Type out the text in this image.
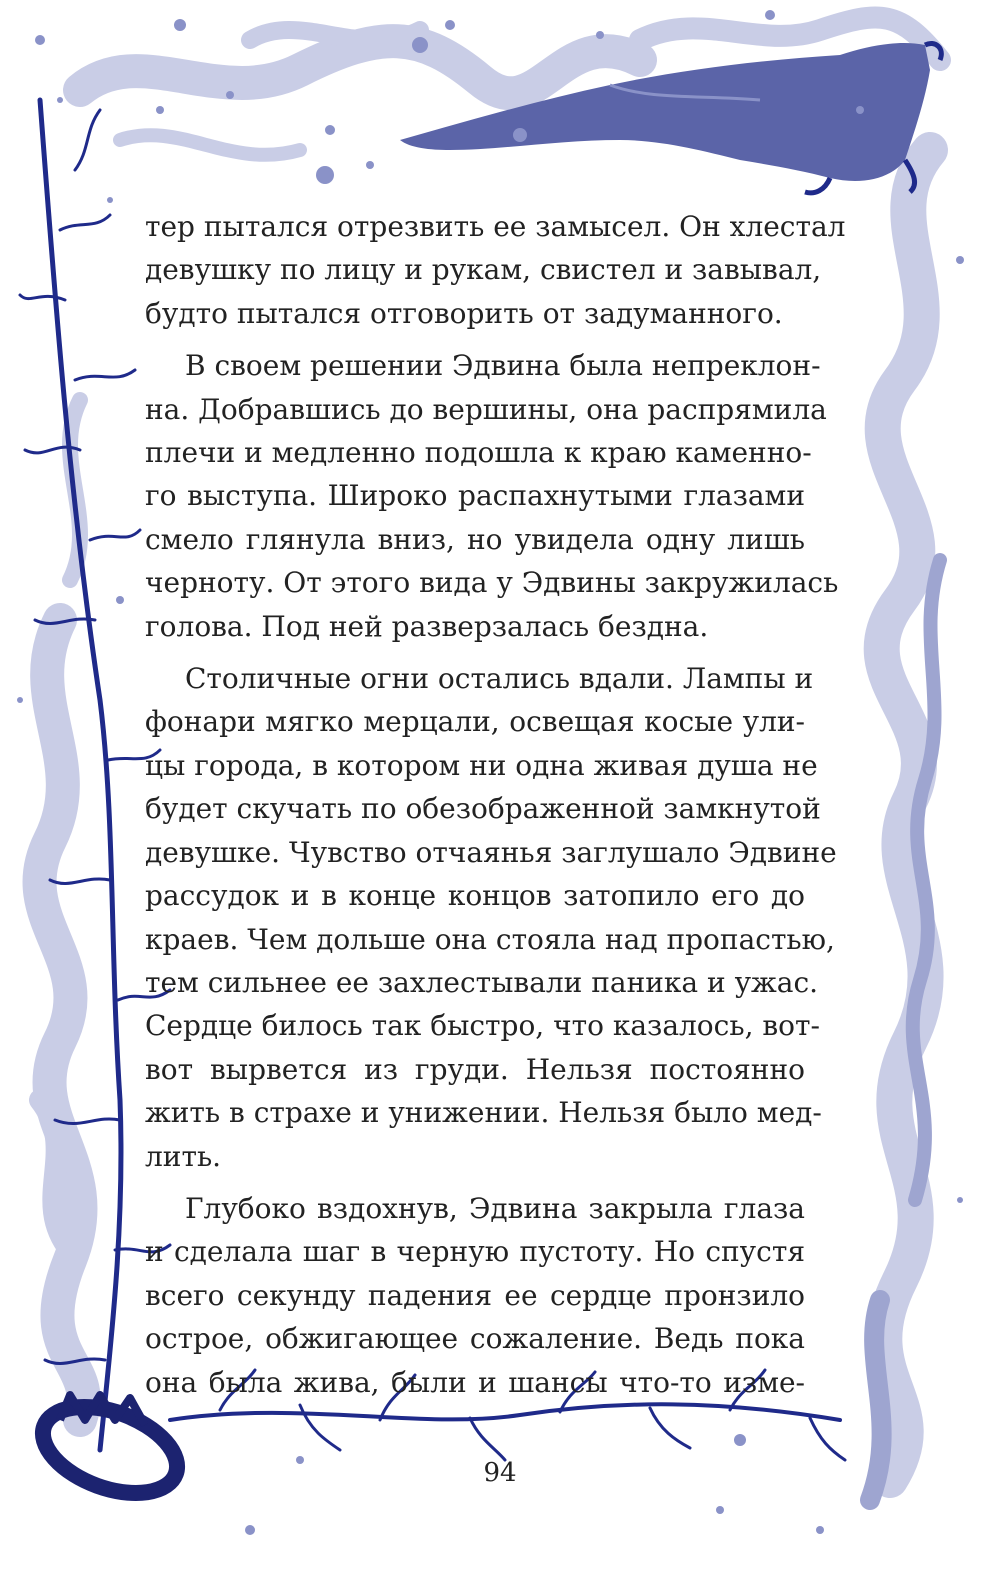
тер пытался отрезвить ее замысел. Он хлестал
девушку по лицу и рукам, свистел и завывал,
будто пытался отговорить от задуманного.
В своем решении Эдвина была непреклон-
на. Добравшись до вершины, она распрямила
плечи и медленно подошла к краю каменно-
го выступа. Широко распахнутыми глазами
смело глянула вниз, но увидела одну лишь
черноту. От этого вида у Эдвины закружилась
голова. Под ней разверзалась бездна.
Столичные огни остались вдали. Лампы и
фонари мягко мерцали, освещая косые ули-
цы города, в котором ни одна живая душа не
будет скучать по обезображенной замкнутой
девушке. Чувство отчаянья заглушало Эдвине
рассудок и в конце концов затопило его до
краев. Чем дольше она стояла над пропастью,
тем сильнее ее захлестывали паника и ужас.
Сердце билось так быстро, что казалось, вот-
вот вырвется из груди. Нельзя постоянно
жить в страхе и унижении. Нельзя было мед-
лить.
Глубоко вздохнув, Эдвина закрыла глаза
и сделала шаг в черную пустоту. Но спустя
всего секунду падения ее сердце пронзило
острое, обжигающее сожаление. Ведь пока
она была жива, были и шансы что-то изме-
94
